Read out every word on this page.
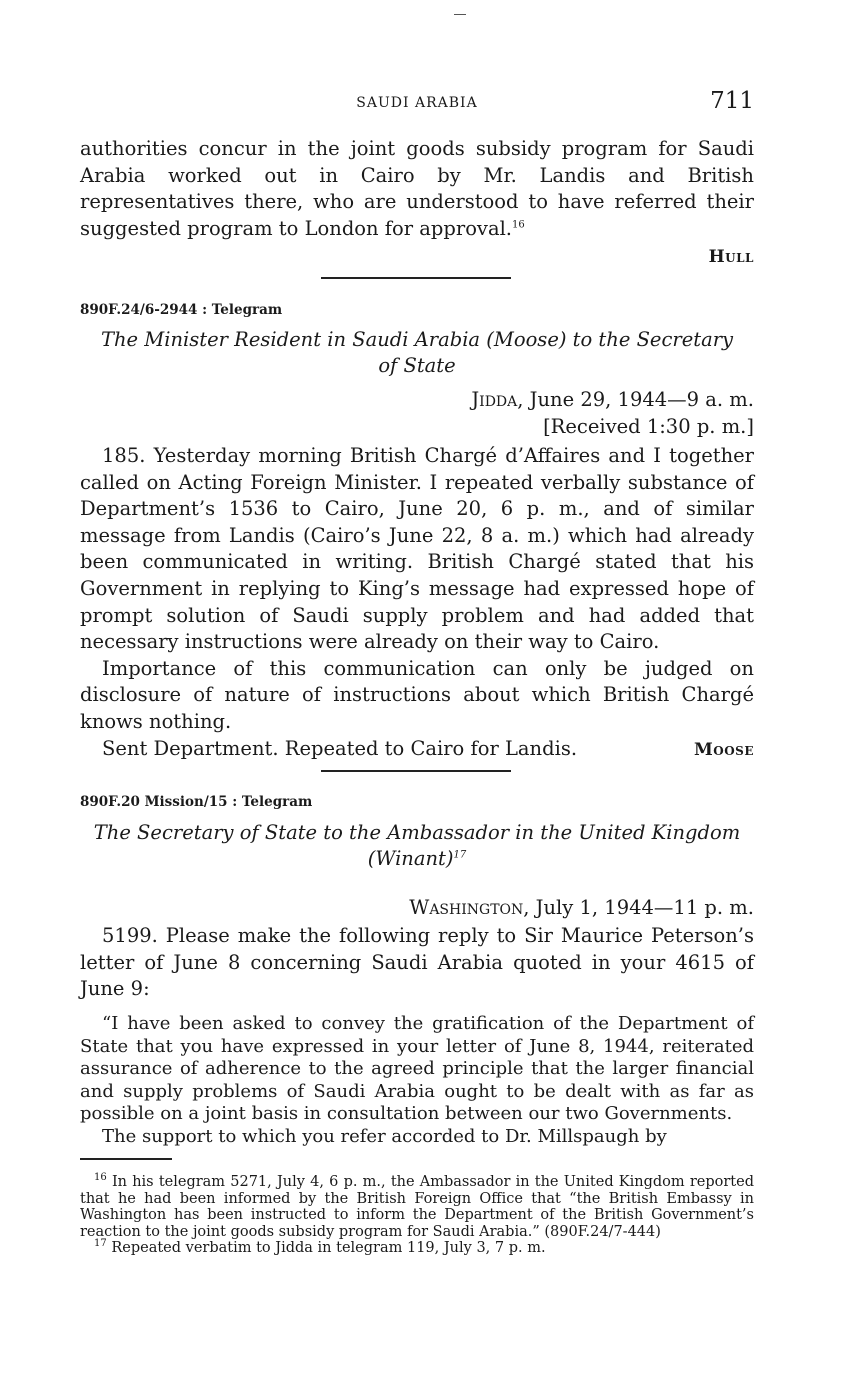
SAUDI ARABIA	711
authorities concur in the joint goods subsidy program for Saudi Arabia worked out in Cairo by Mr. Landis and British representatives there, who are understood to have referred their suggested program to London for approval.$^{16}$
Hull
890F.24/6-2944 : Telegram
The Minister Resident in Saudi Arabia (Moose) to the Secretary
of State
Jidda, June 29, 1944—9 a. m.
[Received 1:30 p. m.]

185. Yesterday morning British Chargé d’Affaires and I together called on Acting Foreign Minister. I repeated verbally substance of Department’s 1536 to Cairo, June 20, 6 p. m., and of similar message from Landis (Cairo’s June 22, 8 a. m.) which had already been communicated in writing. British Chargé stated that his Government in replying to King’s message had expressed hope of prompt solution of Saudi supply problem and had added that necessary instructions were already on their way to Cairo.

Importance of this communication can only be judged on disclosure of nature of instructions about which British Chargé knows nothing.

Sent Department. Repeated to Cairo for Landis.	Moose
890F.20 Mission/15 : Telegram
The Secretary of State to the Ambassador in the United Kingdom
(Winant)$^{17}$
Washington, July 1, 1944—11 p. m.

5199. Please make the following reply to Sir Maurice Peterson’s letter of June 8 concerning Saudi Arabia quoted in your 4615 of June 9:

“I have been asked to convey the gratification of the Department of State that you have expressed in your letter of June 8, 1944, reiterated assurance of adherence to the agreed principle that the larger financial and supply problems of Saudi Arabia ought to be dealt with as far as possible on a joint basis in consultation between our two Governments.

The support to which you refer accorded to Dr. Millspaugh by

$^{16}$ In his telegram 5271, July 4, 6 p. m., the Ambassador in the United Kingdom reported that he had been informed by the British Foreign Office that “the British Embassy in Washington has been instructed to inform the Department of the British Government’s reaction to the joint goods subsidy program for Saudi Arabia.” (890F.24/7-444)

$^{17}$ Repeated verbatim to Jidda in telegram 119, July 3, 7 p. m.
